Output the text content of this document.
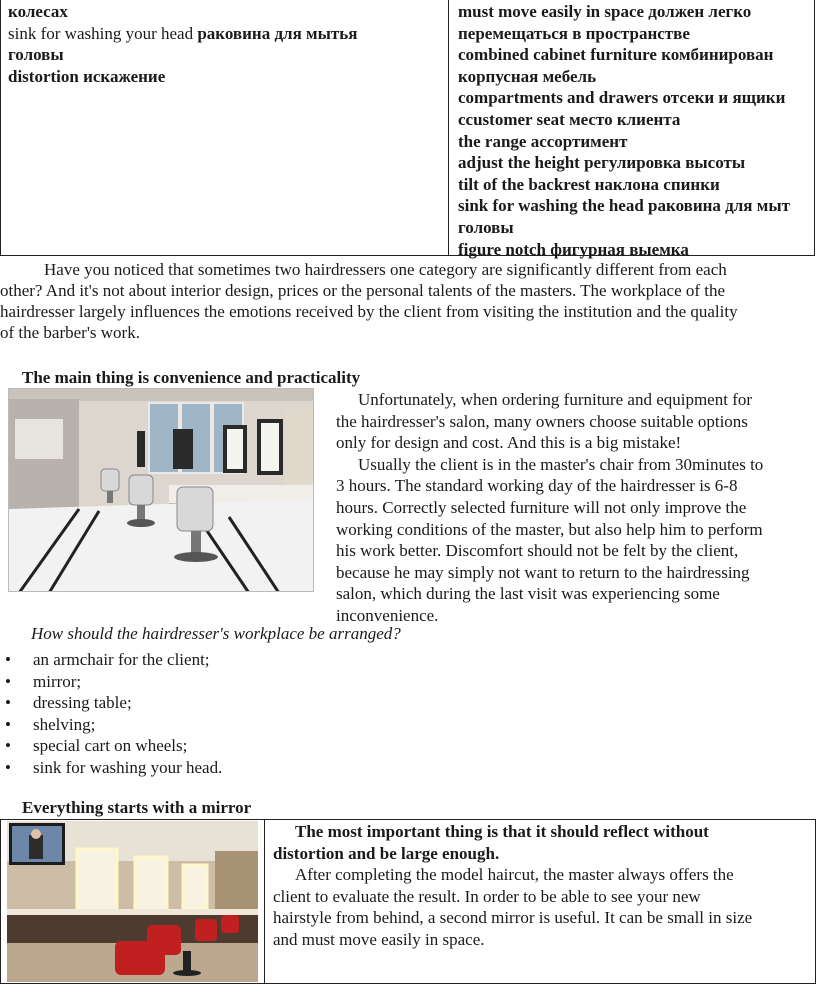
колесах
sink for washing your head раковина для мытья
головы
distortion искажение
must move easily in space должен легко
перемещаться в пространстве
combined cabinet furniture комбинирован
корпусная мебель
compartments and drawers отсеки и ящики
ccustomer seat место клиента
the range ассортимент
adjust the height регулировка высоты
tilt of the backrest наклона спинки
sink for washing the head раковина для мыт
головы
figure notch фигурная выемка
Have you noticed that sometimes two hairdressers one category are significantly different from each
other? And it's not about interior design, prices or the personal talents of the masters. The workplace of the
hairdresser largely influences the emotions received by the client from visiting the institution and the quality
of the barber's work.
The main thing is convenience and practicality
Unfortunately, when ordering furniture and equipment for
the hairdresser's salon, many owners choose suitable options
only for design and cost. And this is a big mistake!
Usually the client is in the master's chair from 30minutes to
3 hours. The standard working day of the hairdresser is 6-8
hours. Correctly selected furniture will not only improve the
working conditions of the master, but also help him to perform
his work better. Discomfort should not be felt by the client,
because he may simply not want to return to the hairdressing
salon, which during the last visit was experiencing some
inconvenience.
How should the hairdresser's workplace be arranged?
• an armchair for the client;
• mirror;
• dressing table;
• shelving;
• special cart on wheels;
• sink for washing your head.
Everything starts with a mirror
The most important thing is that it should reflect without
distortion and be large enough.
After completing the model haircut, the master always offers the
client to evaluate the result. In order to be able to see your new
hairstyle from behind, a second mirror is useful. It can be small in size
and must move easily in space.
